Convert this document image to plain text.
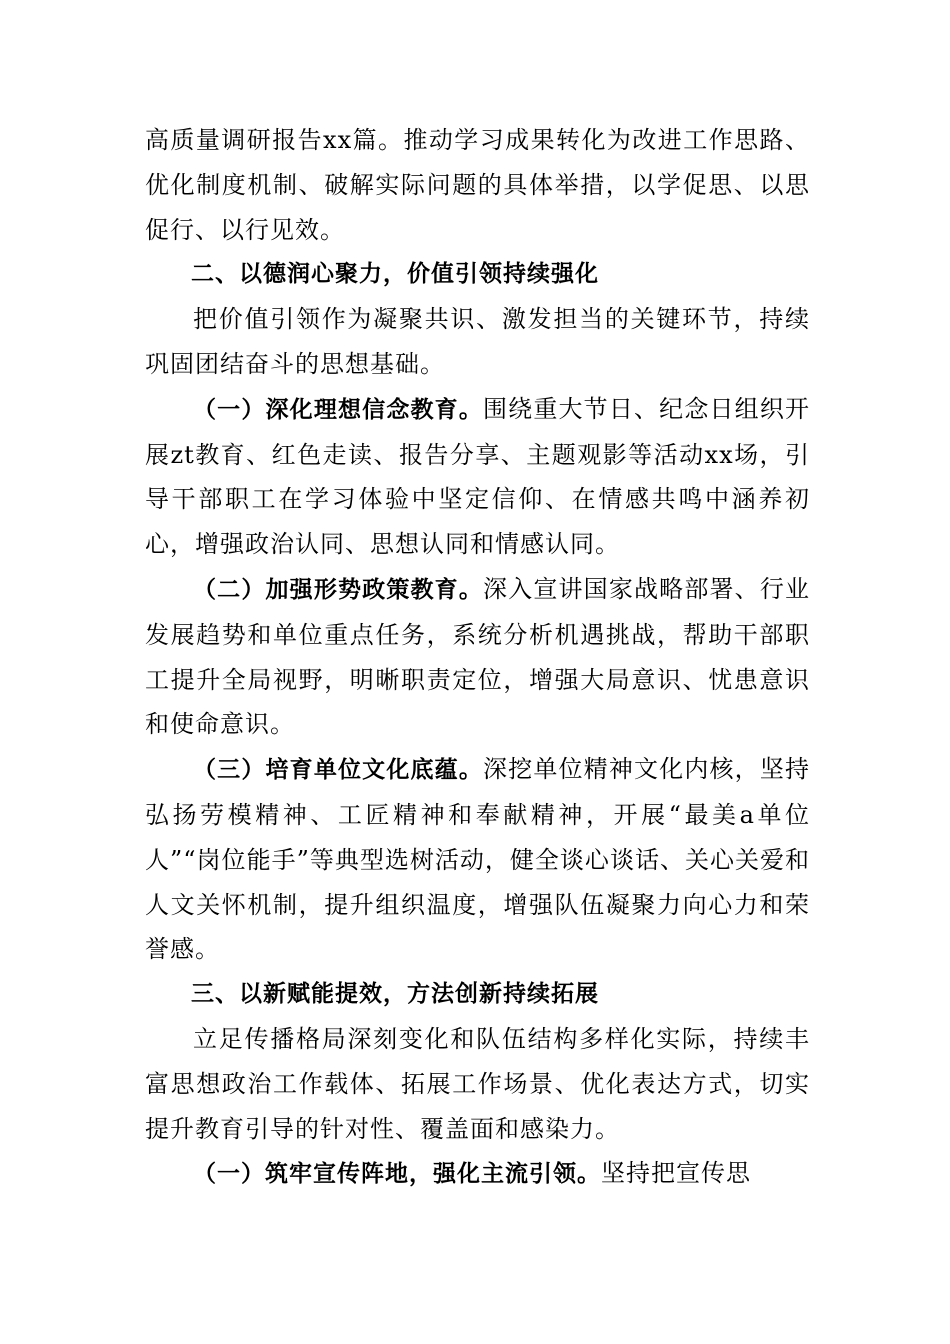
高质量调研报告xx篇。推动学习成果转化为改进工作思路、优化制度机制、破解实际问题的具体举措，以学促思、以思促行、以行见效。

二、以德润心聚力，价值引领持续强化

把价值引领作为凝聚共识、激发担当的关键环节，持续巩固团结奋斗的思想基础。

（一）深化理想信念教育。围绕重大节日、纪念日组织开展zt教育、红色走读、报告分享、主题观影等活动xx场，引导干部职工在学习体验中坚定信仰、在情感共鸣中涵养初心，增强政治认同、思想认同和情感认同。

（二）加强形势政策教育。深入宣讲国家战略部署、行业发展趋势和单位重点任务，系统分析机遇挑战，帮助干部职工提升全局视野，明晰职责定位，增强大局意识、忧患意识和使命意识。

（三）培育单位文化底蕴。深挖单位精神文化内核，坚持弘扬劳模精神、工匠精神和奉献精神，开展“最美a单位人”“岗位能手”等典型选树活动，健全谈心谈话、关心关爱和人文关怀机制，提升组织温度，增强队伍凝聚力向心力和荣誉感。

三、以新赋能提效，方法创新持续拓展

立足传播格局深刻变化和队伍结构多样化实际，持续丰富思想政治工作载体、拓展工作场景、优化表达方式，切实提升教育引导的针对性、覆盖面和感染力。

（一）筑牢宣传阵地，强化主流引领。坚持把宣传思
